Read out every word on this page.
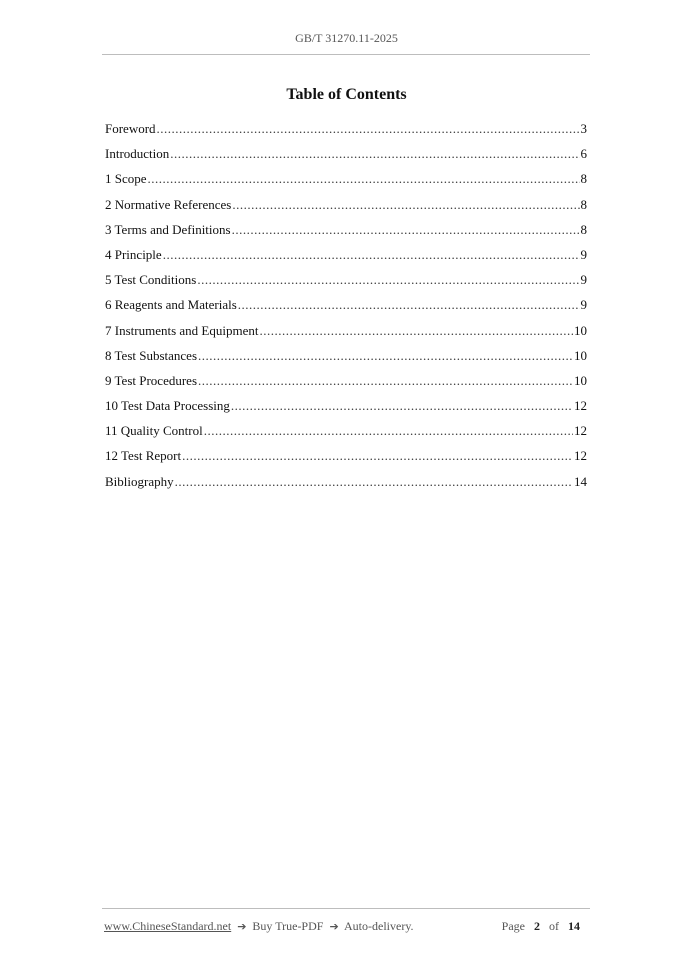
GB/T 31270.11-2025
Table of Contents
Foreword .....	3
Introduction .....	6
1 Scope .....	8
2 Normative References .....	8
3 Terms and Definitions .....	8
4 Principle .....	9
5 Test Conditions .....	9
6 Reagents and Materials .....	9
7 Instruments and Equipment .....	10
8 Test Substances .....	10
9 Test Procedures .....	10
10 Test Data Processing .....	12
11 Quality Control .....	12
12 Test Report .....	12
Bibliography .....	14
www.ChineseStandard.net ➔ Buy True-PDF ➔ Auto-delivery.	Page 2 of 14
